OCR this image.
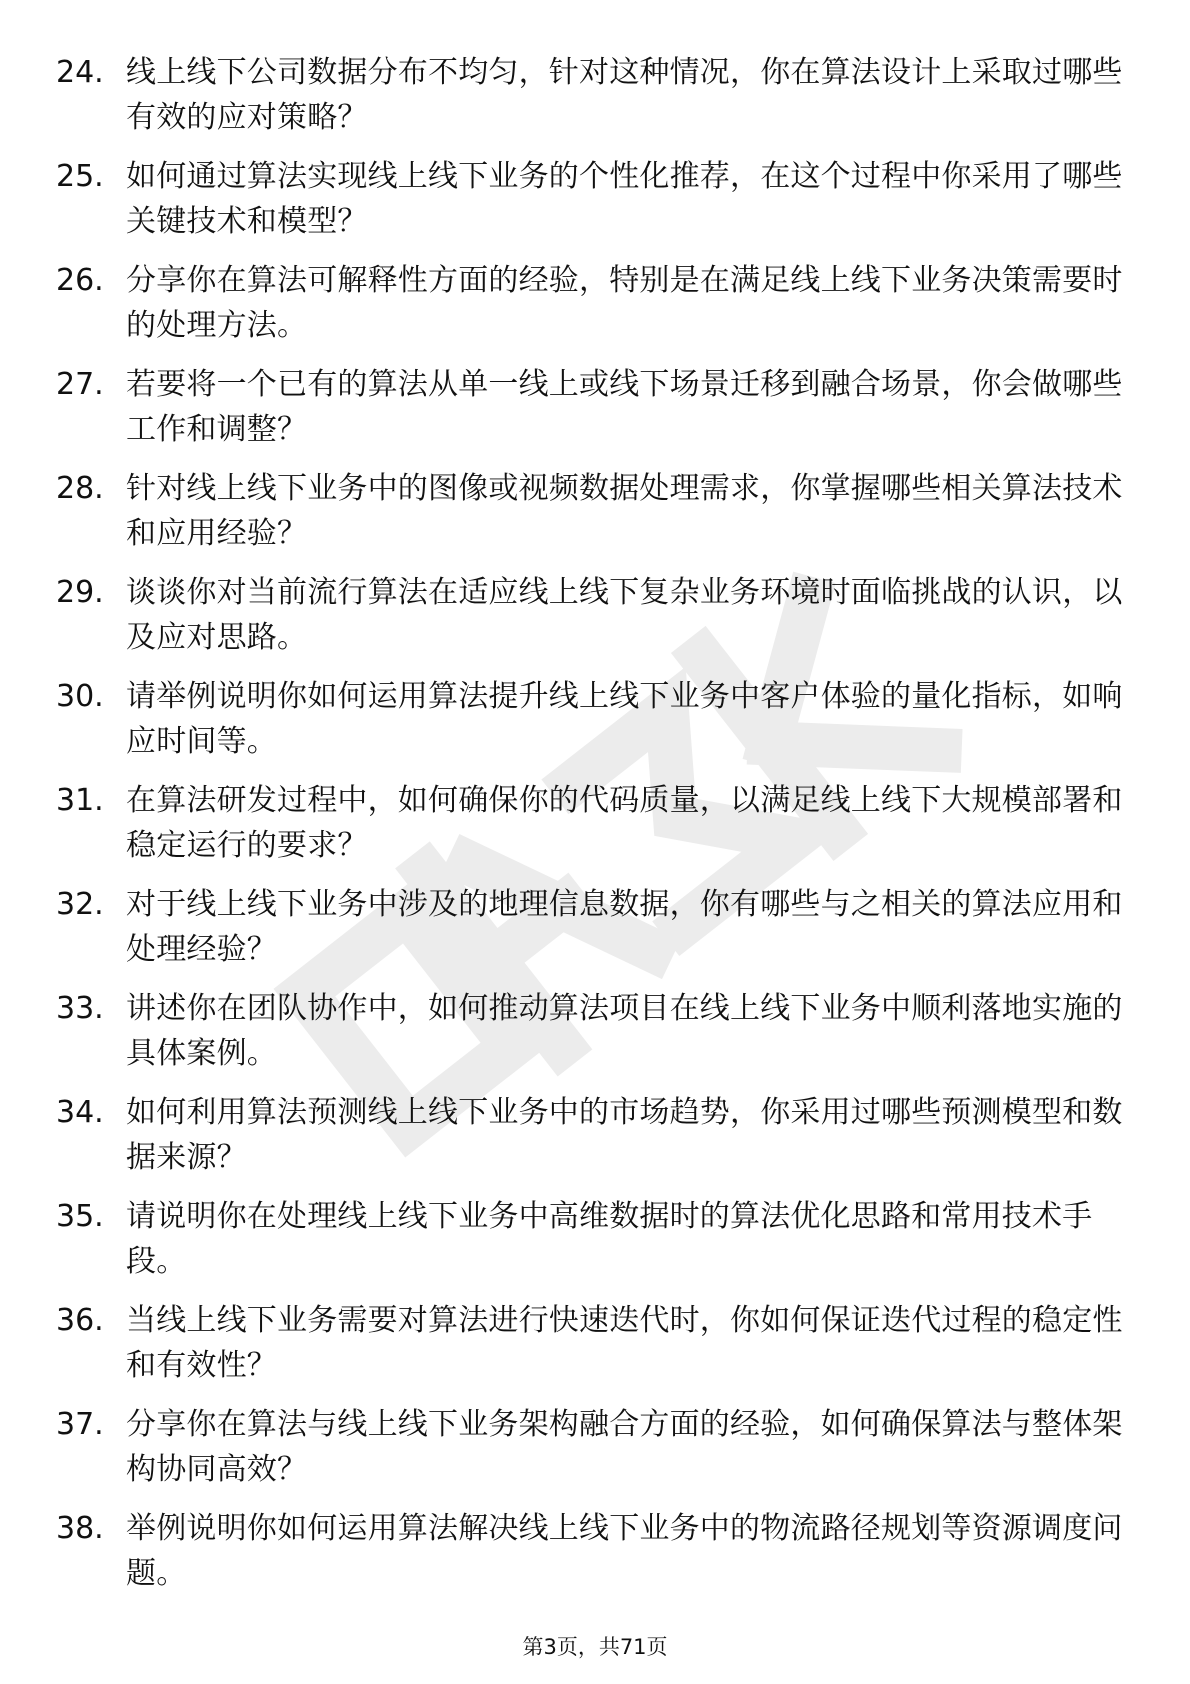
24. 线上线下公司数据分布不均匀，针对这种情况，你在算法设计上采取过哪些有效的应对策略？
25. 如何通过算法实现线上线下业务的个性化推荐，在这个过程中你采用了哪些关键技术和模型？
26. 分享你在算法可解释性方面的经验，特别是在满足线上线下业务决策需要时的处理方法。
27. 若要将一个已有的算法从单一线上或线下场景迁移到融合场景，你会做哪些工作和调整？
28. 针对线上线下业务中的图像或视频数据处理需求，你掌握哪些相关算法技术和应用经验？
29. 谈谈你对当前流行算法在适应线上线下复杂业务环境时面临挑战的认识，以及应对思路。
30. 请举例说明你如何运用算法提升线上线下业务中客户体验的量化指标，如响应时间等。
31. 在算法研发过程中，如何确保你的代码质量，以满足线上线下大规模部署和稳定运行的要求？
32. 对于线上线下业务中涉及的地理信息数据，你有哪些与之相关的算法应用和处理经验？
33. 讲述你在团队协作中，如何推动算法项目在线上线下业务中顺利落地实施的具体案例。
34. 如何利用算法预测线上线下业务中的市场趋势，你采用过哪些预测模型和数据来源？
35. 请说明你在处理线上线下业务中高维数据时的算法优化思路和常用技术手段。
36. 当线上线下业务需要对算法进行快速迭代时，你如何保证迭代过程的稳定性和有效性？
37. 分享你在算法与线上线下业务架构融合方面的经验，如何确保算法与整体架构协同高效？
38. 举例说明你如何运用算法解决线上线下业务中的物流路径规划等资源调度问题。
第3页，共71页
